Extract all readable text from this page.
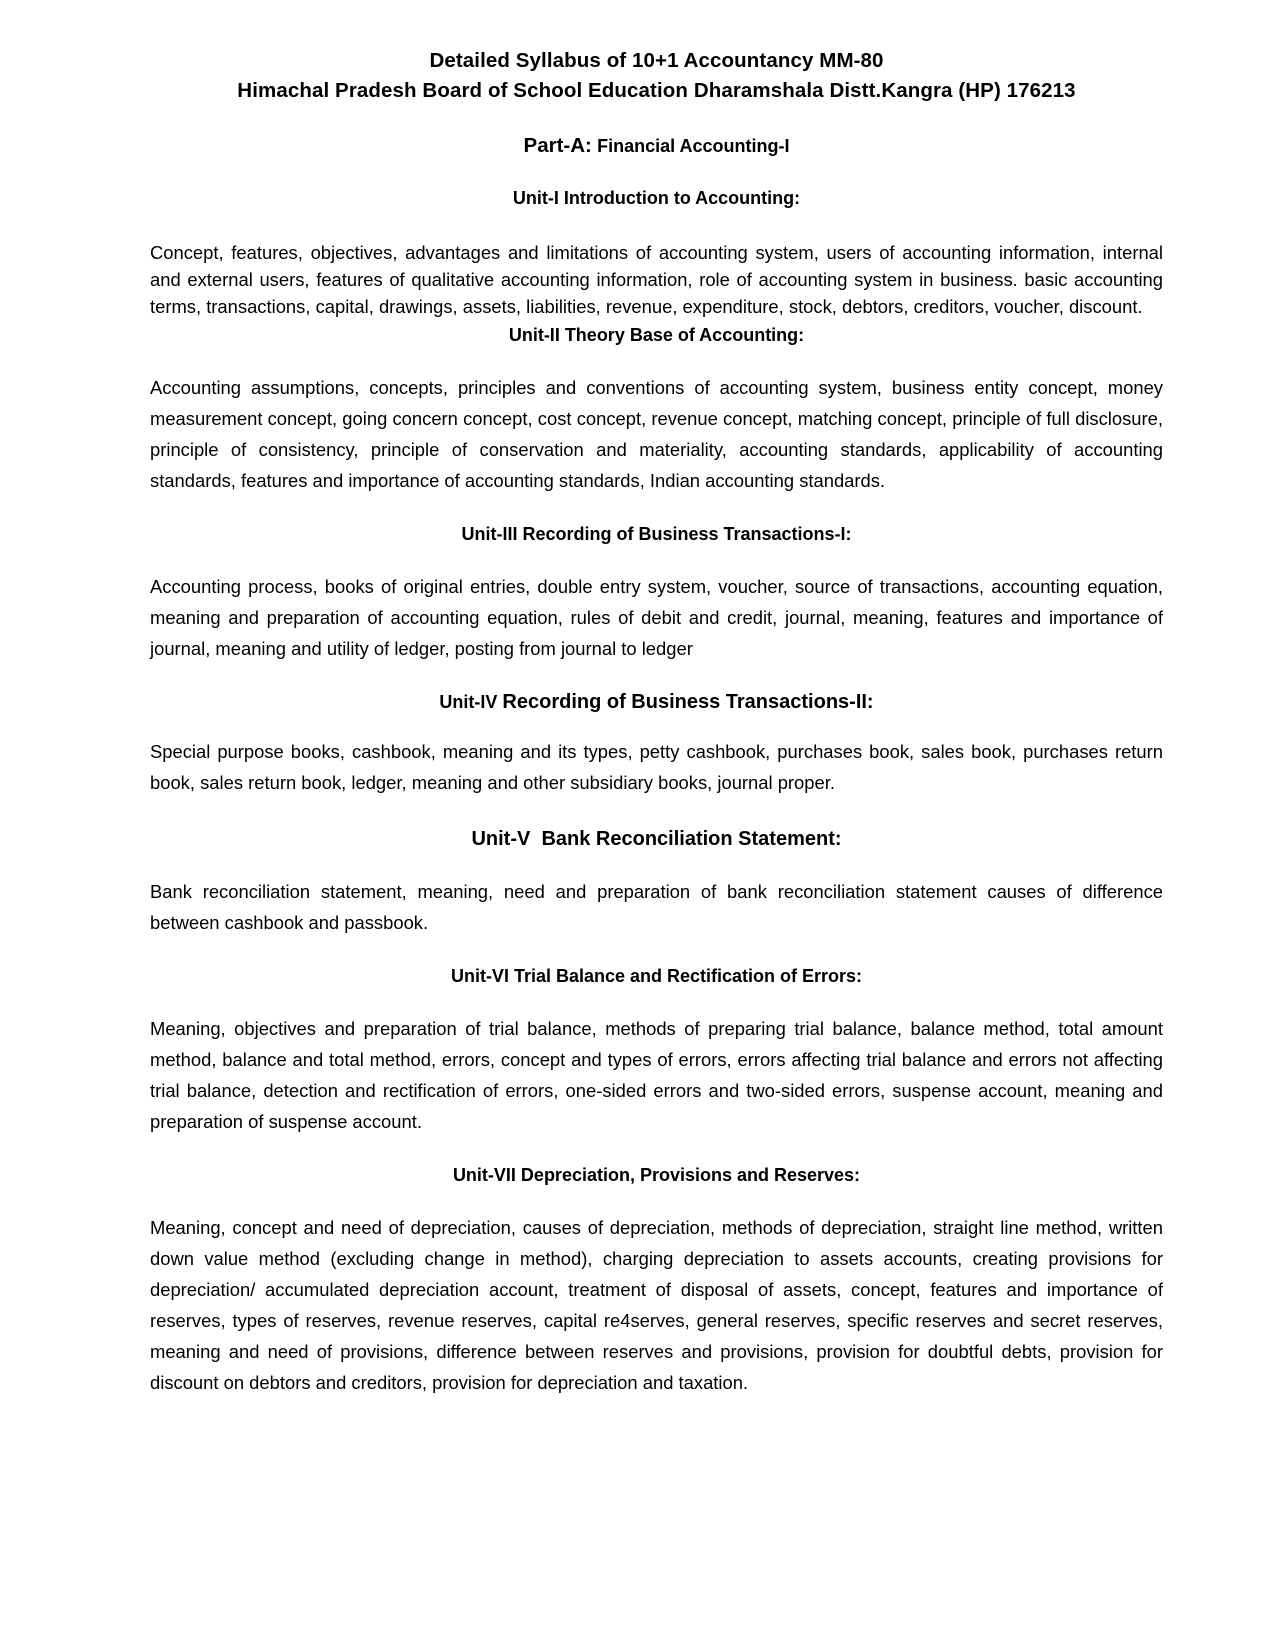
Detailed Syllabus of 10+1 Accountancy MM-80
Himachal Pradesh Board of School Education Dharamshala Distt.Kangra (HP) 176213
Part-A: Financial Accounting-I
Unit-I Introduction to Accounting:

Concept, features, objectives, advantages and limitations of accounting system, users of accounting information, internal and external users, features of qualitative accounting information, role of accounting system in business. basic accounting terms, transactions, capital, drawings, assets, liabilities, revenue, expenditure, stock, debtors, creditors, voucher, discount.

Unit-II Theory Base of Accounting:

Accounting assumptions, concepts, principles and conventions of accounting system, business entity concept, money measurement concept, going concern concept, cost concept, revenue concept, matching concept, principle of full disclosure, principle of consistency, principle of conservation and materiality, accounting standards, applicability of accounting standards, features and importance of accounting standards, Indian accounting standards.

Unit-III Recording of Business Transactions-I:

Accounting process, books of original entries, double entry system, voucher, source of transactions, accounting equation, meaning and preparation of accounting equation, rules of debit and credit, journal, meaning, features and importance of journal, meaning and utility of ledger, posting from journal to ledger

Unit-IV Recording of Business Transactions-II:

Special purpose books, cashbook, meaning and its types, petty cashbook, purchases book, sales book, purchases return book, sales return book, ledger, meaning and other subsidiary books, journal proper.

Unit-V  Bank Reconciliation Statement:

Bank reconciliation statement, meaning, need and preparation of bank reconciliation statement causes of difference between cashbook and passbook.

Unit-VI Trial Balance and Rectification of Errors:

Meaning, objectives and preparation of trial balance, methods of preparing trial balance, balance method, total amount method, balance and total method, errors, concept and types of errors, errors affecting trial balance and errors not affecting trial balance, detection and rectification of errors, one-sided errors and two-sided errors, suspense account, meaning and preparation of suspense account.

Unit-VII Depreciation, Provisions and Reserves:

Meaning, concept and need of depreciation, causes of depreciation, methods of depreciation, straight line method, written down value method (excluding change in method), charging depreciation to assets accounts, creating provisions for depreciation/ accumulated depreciation account, treatment of disposal of assets, concept, features and importance of reserves, types of reserves, revenue reserves, capital re4serves, general reserves, specific reserves and secret reserves, meaning and need of provisions, difference between reserves and provisions, provision for doubtful debts, provision for discount on debtors and creditors, provision for depreciation and taxation.
